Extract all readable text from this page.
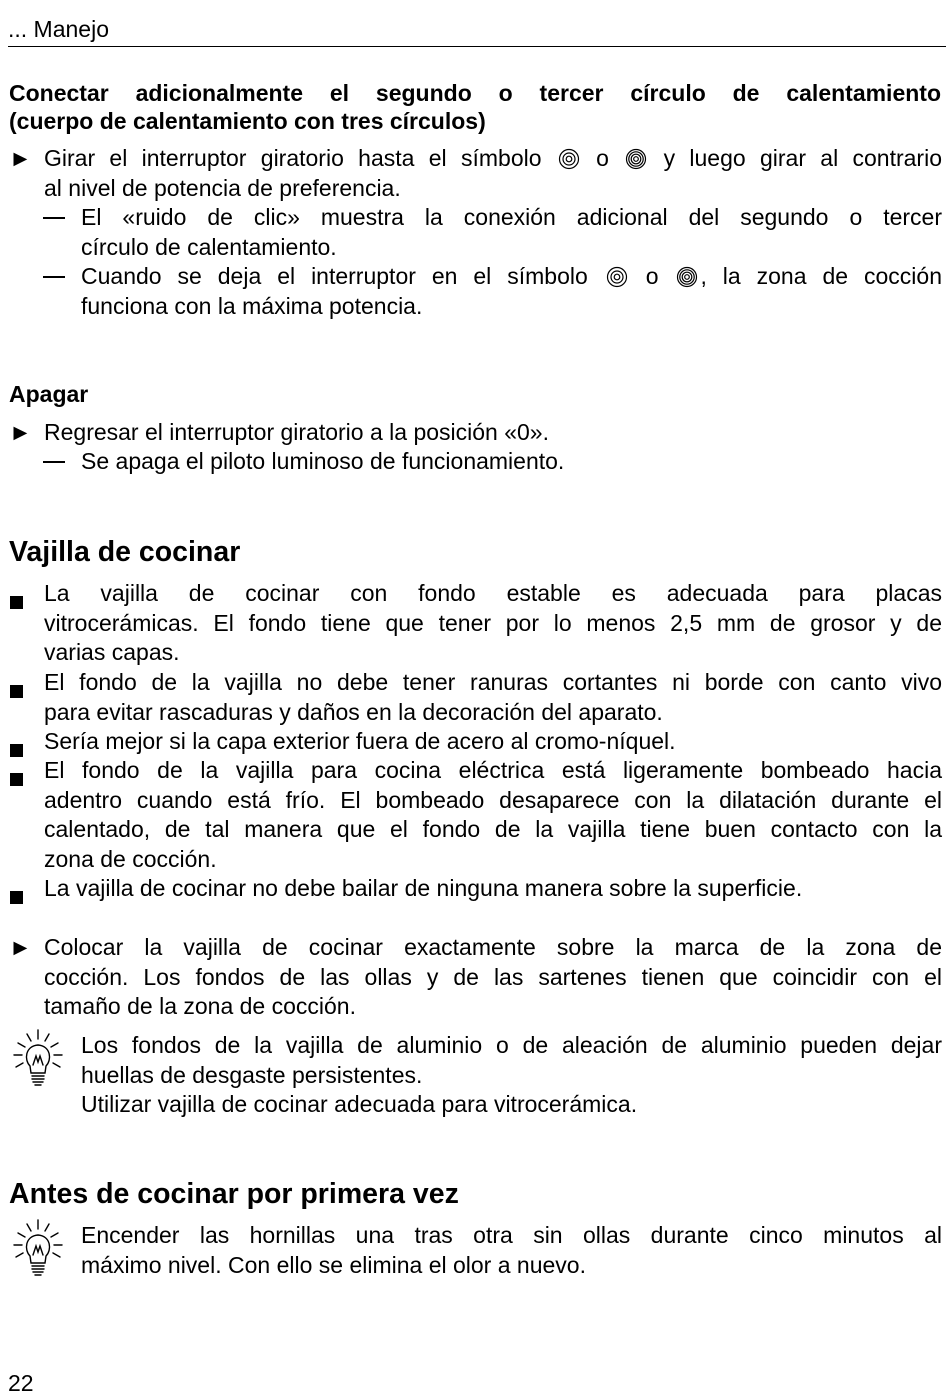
... Manejo
Conectar adicionalmente el segundo o tercer círculo de calentamiento
(cuerpo de calentamiento con tres círculos)
► Girar el interruptor giratorio hasta el símbolo  o  y luego girar al contrario
al nivel de potencia de preferencia.
El «ruido de clic» muestra la conexión adicional del segundo o tercer
círculo de calentamiento.
Cuando se deja el interruptor en el símbolo  o , la zona de cocción
funciona con la máxima potencia.
Apagar
► Regresar el interruptor giratorio a la posición «0».
Se apaga el piloto luminoso de funcionamiento.
Vajilla de cocinar
La vajilla de cocinar con fondo estable es adecuada para placas
vitrocerámicas. El fondo tiene que tener por lo menos 2,5 mm de grosor y de
varias capas.
El fondo de la vajilla no debe tener ranuras cortantes ni borde con canto vivo
para evitar rascaduras y daños en la decoración del aparato.
Sería mejor si la capa exterior fuera de acero al cromo-níquel.
El fondo de la vajilla para cocina eléctrica está ligeramente bombeado hacia
adentro cuando está frío. El bombeado desaparece con la dilatación durante el
calentado, de tal manera que el fondo de la vajilla tiene buen contacto con la
zona de cocción.
La vajilla de cocinar no debe bailar de ninguna manera sobre la superficie.
► Colocar la vajilla de cocinar exactamente sobre la marca de la zona de
cocción. Los fondos de las ollas y de las sartenes tienen que coincidir con el
tamaño de la zona de cocción.
Los fondos de la vajilla de aluminio o de aleación de aluminio pueden dejar
huellas de desgaste persistentes.
Utilizar vajilla de cocinar adecuada para vitrocerámica.
Antes de cocinar por primera vez
Encender las hornillas una tras otra sin ollas durante cinco minutos al
máximo nivel. Con ello se elimina el olor a nuevo.
22
